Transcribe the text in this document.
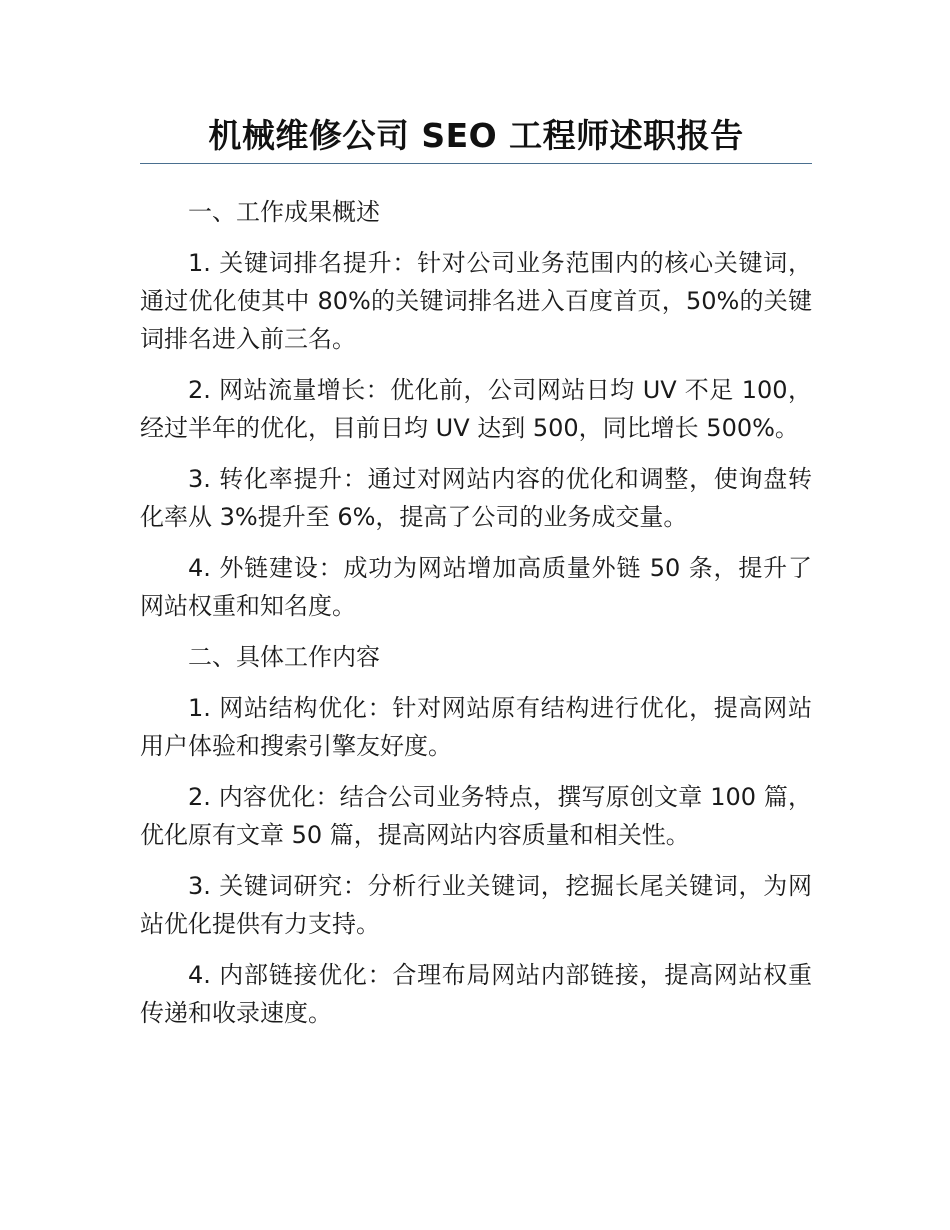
机械维修公司 SEO 工程师述职报告

一、工作成果概述

1. 关键词排名提升：针对公司业务范围内的核心关键词，通过优化使其中 80%的关键词排名进入百度首页，50%的关键词排名进入前三名。

2. 网站流量增长：优化前，公司网站日均 UV 不足 100，经过半年的优化，目前日均 UV 达到 500，同比增长 500%。

3. 转化率提升：通过对网站内容的优化和调整，使询盘转化率从 3%提升至 6%，提高了公司的业务成交量。

4. 外链建设：成功为网站增加高质量外链 50 条，提升了网站权重和知名度。

二、具体工作内容

1. 网站结构优化：针对网站原有结构进行优化，提高网站用户体验和搜索引擎友好度。

2. 内容优化：结合公司业务特点，撰写原创文章 100 篇，优化原有文章 50 篇，提高网站内容质量和相关性。

3. 关键词研究：分析行业关键词，挖掘长尾关键词，为网站优化提供有力支持。

4. 内部链接优化：合理布局网站内部链接，提高网站权重传递和收录速度。
